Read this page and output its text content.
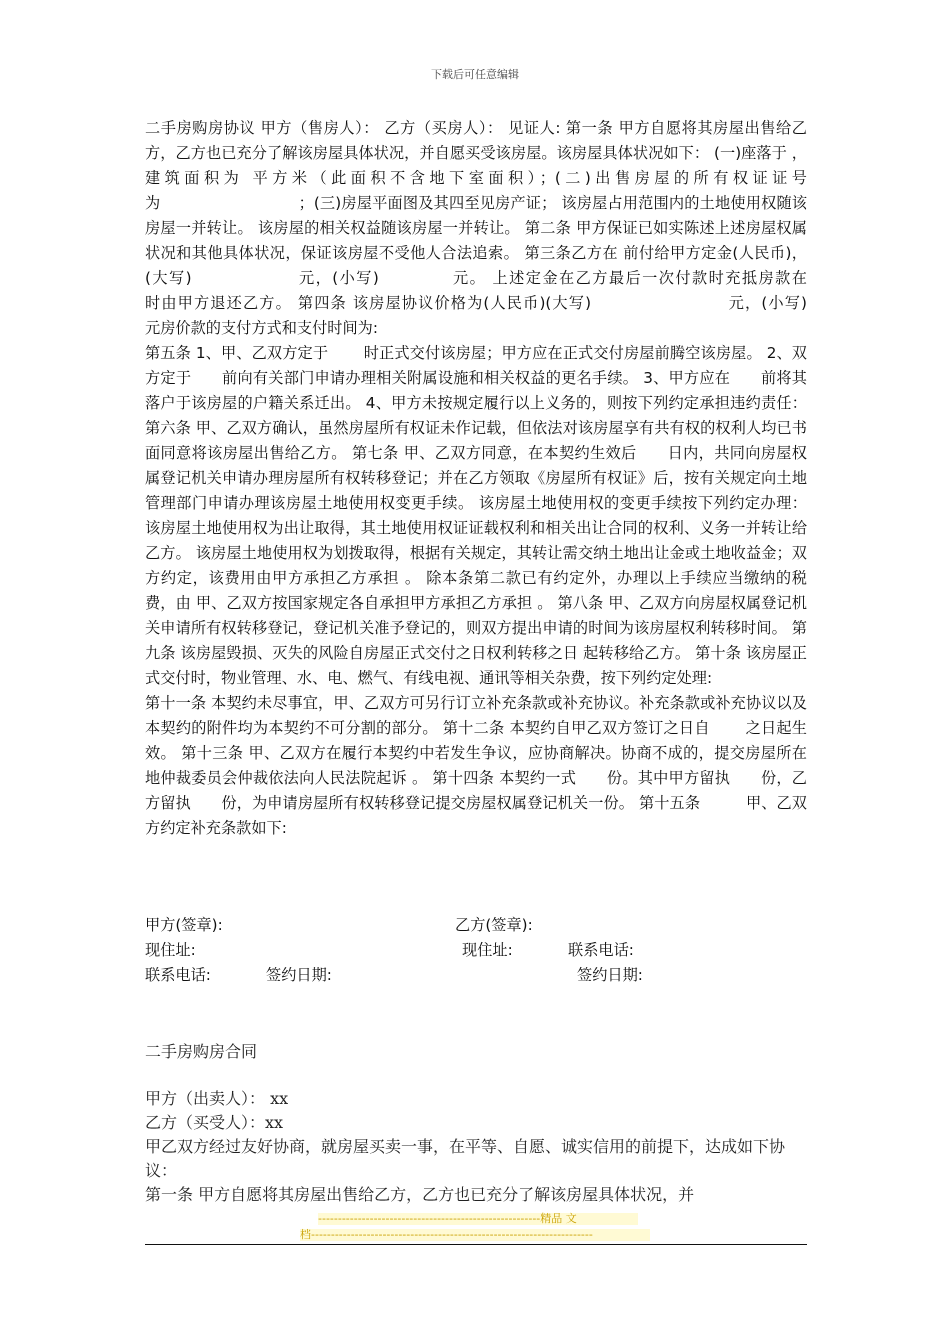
下载后可任意编辑

二手房购房协议 甲方（售房人）： 乙方（买房人）： 见证人: 第一条 甲方自愿将其房屋出售给乙方，乙方也已充分了解该房屋具体状况，并自愿买受该房屋。该房屋具体状况如下： (一)座落于 ，建筑面积为 平方米（此面积不含地下室面积）；(二)出售房屋的所有权证证号为　　　　　　　　　；(三)房屋平面图及其四至见房产证； 该房屋占用范围内的土地使用权随该房屋一并转让。 该房屋的相关权益随该房屋一并转让。 第二条 甲方保证已如实陈述上述房屋权属状况和其他具体状况，保证该房屋不受他人合法追索。 第三条乙方在 前付给甲方定金(人民币)，(大写)　　　　　　 元，(小写)　　　　 元。 上述定金在乙方最后一次付款时充抵房款在　　　　 时由甲方退还乙方。 第四条 该房屋协议价格为(人民币)(大写)　　　　　　　　 元，(小写)　　　　　　　　元房价款的支付方式和支付时间为:

第五条 1、甲、乙双方定于　　 时正式交付该房屋；甲方应在正式交付房屋前腾空该房屋。 2、双方定于　　前向有关部门申请办理相关附属设施和相关权益的更名手续。 3、甲方应在　　前将其落户于该房屋的户籍关系迁出。 4、甲方未按规定履行以上义务的，则按下列约定承担违约责任： 第六条 甲、乙双方确认，虽然房屋所有权证未作记载，但依法对该房屋享有共有权的权利人均已书面同意将该房屋出售给乙方。 第七条 甲、乙双方同意，在本契约生效后　　日内，共同向房屋权属登记机关申请办理房屋所有权转移登记；并在乙方领取《房屋所有权证》后，按有关规定向土地管理部门申请办理该房屋土地使用权变更手续。 该房屋土地使用权的变更手续按下列约定办理： 该房屋土地使用权为出让取得，其土地使用权证证载权利和相关出让合同的权利、义务一并转让给乙方。 该房屋土地使用权为划拨取得，根据有关规定，其转让需交纳土地出让金或土地收益金；双方约定，该费用由甲方承担乙方承担 。 除本条第二款已有约定外，办理以上手续应当缴纳的税费，由 甲、乙双方按国家规定各自承担甲方承担乙方承担 。 第八条 甲、乙双方向房屋权属登记机关申请所有权转移登记，登记机关准予登记的，则双方提出申请的时间为该房屋权利转移时间。 第九条 该房屋毁损、灭失的风险自房屋正式交付之日权利转移之日 起转移给乙方。 第十条 该房屋正式交付时，物业管理、水、电、燃气、有线电视、通讯等相关杂费，按下列约定处理:

第十一条 本契约未尽事宜，甲、乙双方可另行订立补充条款或补充协议。补充条款或补充协议以及本契约的附件均为本契约不可分割的部分。 第十二条 本契约自甲乙双方签订之日自　　 之日起生效。 第十三条 甲、乙双方在履行本契约中若发生争议，应协商解决。协商不成的，提交房屋所在地仲裁委员会仲裁依法向人民法院起诉 。 第十四条 本契约一式　　份。其中甲方留执　　份，乙方留执　　份，为申请房屋所有权转移登记提交房屋权属登记机关一份。 第十五条　　　甲、乙双方约定补充条款如下:

甲方(签章):	乙方(签章):
现住址:	现住址:	联系电话:
联系电话:	签约日期:	签约日期:
二手房购房合同

甲方（出卖人）： xx

乙方（买受人）：xx

甲乙双方经过友好协商，就房屋买卖一事，在平等、自愿、诚实信用的前提下，达成如下协议：

第一条 甲方自愿将其房屋出售给乙方，乙方也已充分了解该房屋具体状况，并

--------------------------------------------------------精品 文
档-----------------------------------------------------------------------
